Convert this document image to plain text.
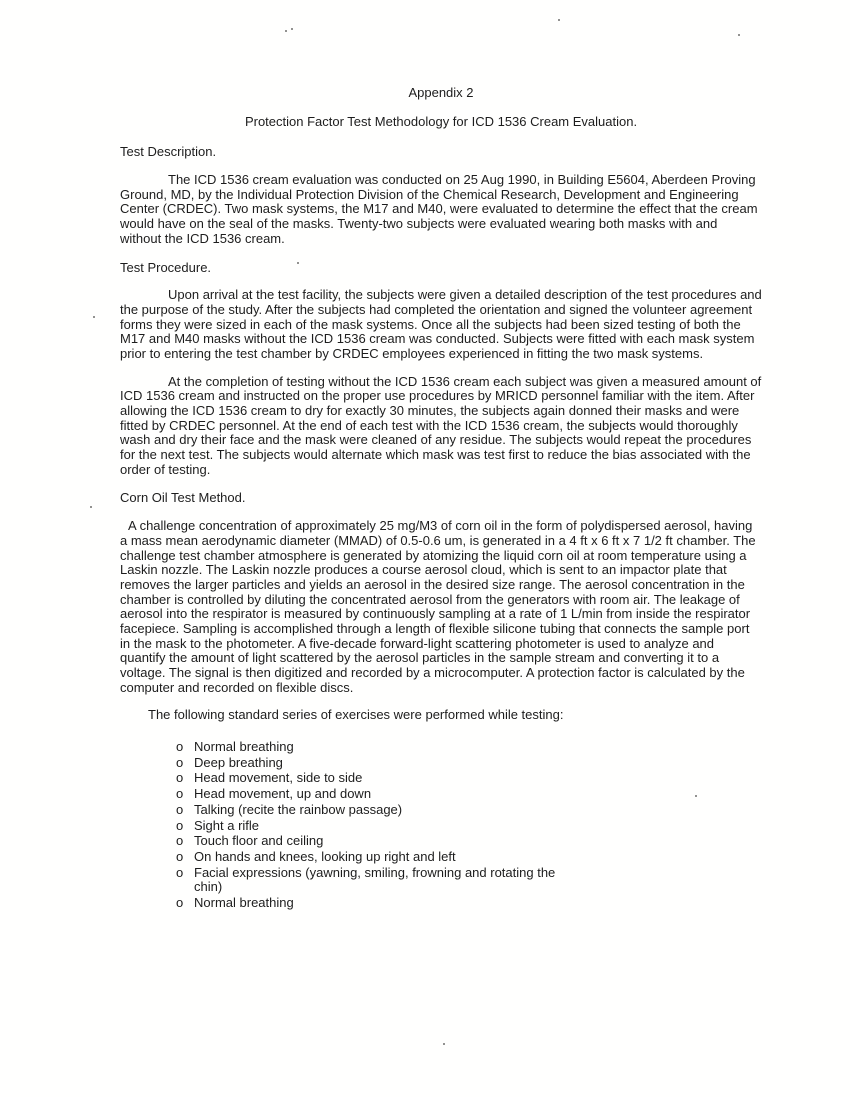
Appendix 2
Protection Factor Test Methodology for ICD 1536 Cream Evaluation.
Test Description.

The ICD 1536 cream evaluation was conducted on 25 Aug 1990, in Building E5604, Aberdeen Proving Ground, MD, by the Individual Protection Division of the Chemical Research, Development and Engineering Center (CRDEC). Two mask systems, the M17 and M40, were evaluated to determine the effect that the cream would have on the seal of the masks. Twenty-two subjects were evaluated wearing both masks with and without the ICD 1536 cream.

Test Procedure.

Upon arrival at the test facility, the subjects were given a detailed description of the test procedures and the purpose of the study. After the subjects had completed the orientation and signed the volunteer agreement forms they were sized in each of the mask systems. Once all the subjects had been sized testing of both the M17 and M40 masks without the ICD 1536 cream was conducted. Subjects were fitted with each mask system prior to entering the test chamber by CRDEC employees experienced in fitting the two mask systems.

At the completion of testing without the ICD 1536 cream each subject was given a measured amount of ICD 1536 cream and instructed on the proper use procedures by MRICD personnel familiar with the item. After allowing the ICD 1536 cream to dry for exactly 30 minutes, the subjects again donned their masks and were fitted by CRDEC personnel. At the end of each test with the ICD 1536 cream, the subjects would thoroughly wash and dry their face and the mask were cleaned of any residue. The subjects would repeat the procedures for the next test. The subjects would alternate which mask was test first to reduce the bias associated with the order of testing.

Corn Oil Test Method.

A challenge concentration of approximately 25 mg/M3 of corn oil in the form of polydispersed aerosol, having a mass mean aerodynamic diameter (MMAD) of 0.5-0.6 um, is generated in a 4 ft x 6 ft x 7 1/2 ft chamber. The challenge test chamber atmosphere is generated by atomizing the liquid corn oil at room temperature using a Laskin nozzle. The Laskin nozzle produces a course aerosol cloud, which is sent to an impactor plate that removes the larger particles and yields an aerosol in the desired size range. The aerosol concentration in the chamber is controlled by diluting the concentrated aerosol from the generators with room air. The leakage of aerosol into the respirator is measured by continuously sampling at a rate of 1 L/min from inside the respirator facepiece. Sampling is accomplished through a length of flexible silicone tubing that connects the sample port in the mask to the photometer. A five-decade forward-light scattering photometer is used to analyze and quantify the amount of light scattered by the aerosol particles in the sample stream and converting it to a voltage. The signal is then digitized and recorded by a microcomputer. A protection factor is calculated by the computer and recorded on flexible discs.

The following standard series of exercises were performed while testing:

o Normal breathing
o Deep breathing
o Head movement, side to side
o Head movement, up and down
o Talking (recite the rainbow passage)
o Sight a rifle
o Touch floor and ceiling
o On hands and knees, looking up right and left
o Facial expressions (yawning, smiling, frowning and rotating the chin)
o Normal breathing
